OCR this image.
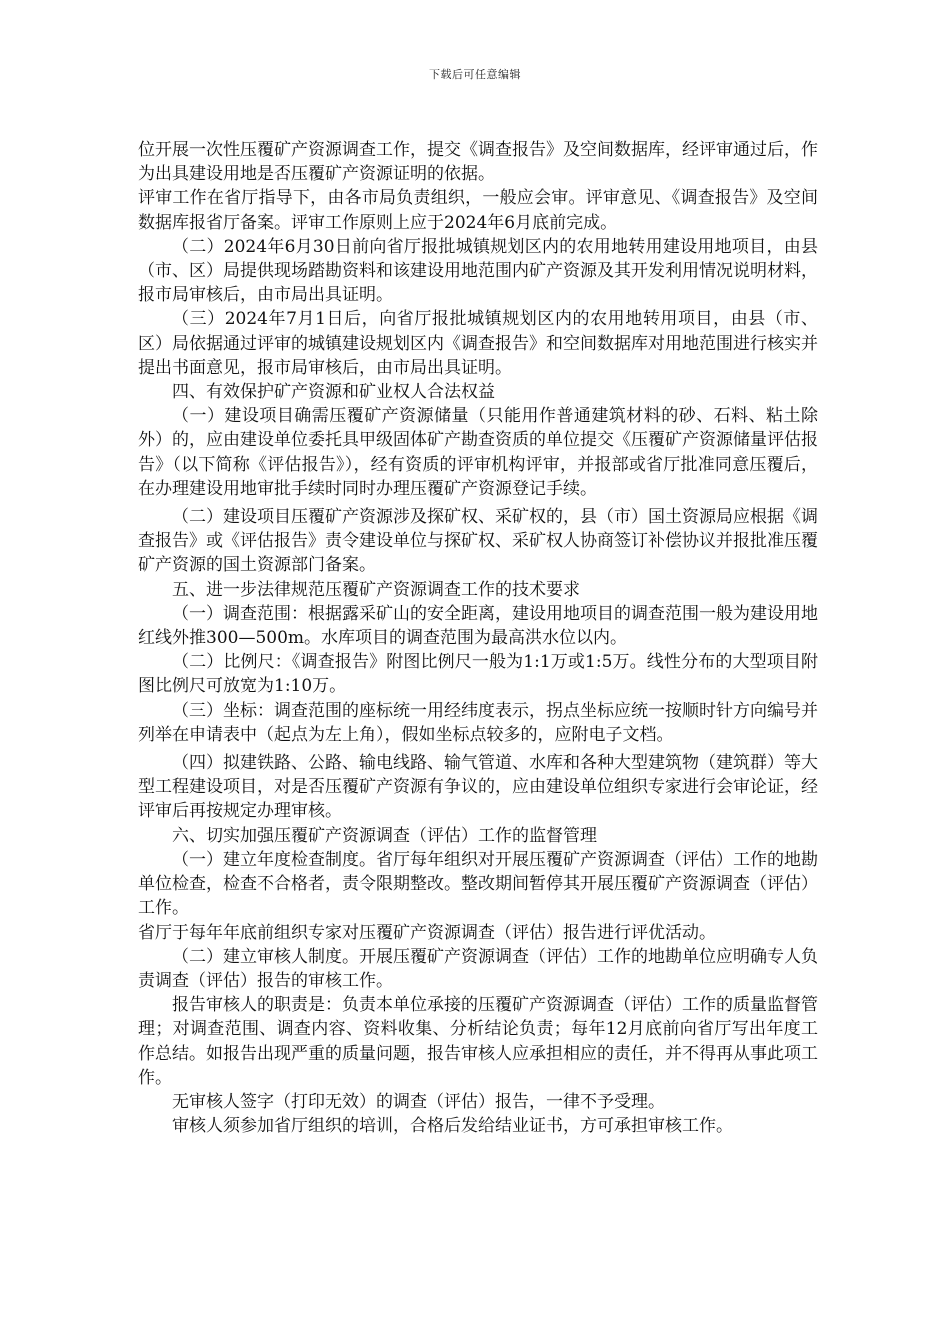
下载后可任意编辑

位开展一次性压覆矿产资源调查工作，提交《调查报告》及空间数据库，经评审通过后，作为出具建设用地是否压覆矿产资源证明的依据。

评审工作在省厅指导下，由各市局负责组织，一般应会审。评审意见、《调查报告》及空间数据库报省厅备案。评审工作原则上应于2024年6月底前完成。

（二）2024年6月30日前向省厅报批城镇规划区内的农用地转用建设用地项目，由县（市、区）局提供现场踏勘资料和该建设用地范围内矿产资源及其开发利用情况说明材料，报市局审核后，由市局出具证明。

（三）2024年7月1日后，向省厅报批城镇规划区内的农用地转用项目，由县（市、区）局依据通过评审的城镇建设规划区内《调查报告》和空间数据库对用地范围进行核实并提出书面意见，报市局审核后，由市局出具证明。

四、有效保护矿产资源和矿业权人合法权益

（一）建设项目确需压覆矿产资源储量（只能用作普通建筑材料的砂、石料、粘土除外）的，应由建设单位委托具甲级固体矿产勘查资质的单位提交《压覆矿产资源储量评估报告》（以下简称《评估报告》），经有资质的评审机构评审，并报部或省厅批准同意压覆后，在办理建设用地审批手续时同时办理压覆矿产资源登记手续。

（二）建设项目压覆矿产资源涉及探矿权、采矿权的，县（市）国土资源局应根据《调查报告》或《评估报告》责令建设单位与探矿权、采矿权人协商签订补偿协议并报批准压覆矿产资源的国土资源部门备案。

五、进一步法律规范压覆矿产资源调查工作的技术要求

（一）调查范围：根据露采矿山的安全距离，建设用地项目的调查范围一般为建设用地红线外推300—500m。水库项目的调查范围为最高洪水位以内。

（二）比例尺：《调查报告》附图比例尺一般为1:1万或1:5万。线性分布的大型项目附图比例尺可放宽为1:10万。

（三）坐标：调查范围的座标统一用经纬度表示，拐点坐标应统一按顺时针方向编号并列举在申请表中（起点为左上角），假如坐标点较多的，应附电子文档。

（四）拟建铁路、公路、输电线路、输气管道、水库和各种大型建筑物（建筑群）等大型工程建设项目，对是否压覆矿产资源有争议的，应由建设单位组织专家进行会审论证，经评审后再按规定办理审核。

六、切实加强压覆矿产资源调查（评估）工作的监督管理

（一）建立年度检查制度。省厅每年组织对开展压覆矿产资源调查（评估）工作的地勘单位检查，检查不合格者，责令限期整改。整改期间暂停其开展压覆矿产资源调查（评估）工作。

省厅于每年年底前组织专家对压覆矿产资源调查（评估）报告进行评优活动。

（二）建立审核人制度。开展压覆矿产资源调查（评估）工作的地勘单位应明确专人负责调查（评估）报告的审核工作。

报告审核人的职责是：负责本单位承接的压覆矿产资源调查（评估）工作的质量监督管理；对调查范围、调查内容、资料收集、分析结论负责；每年12月底前向省厅写出年度工作总结。如报告出现严重的质量问题，报告审核人应承担相应的责任，并不得再从事此项工作。

无审核人签字（打印无效）的调查（评估）报告，一律不予受理。

审核人须参加省厅组织的培训，合格后发给结业证书，方可承担审核工作。
